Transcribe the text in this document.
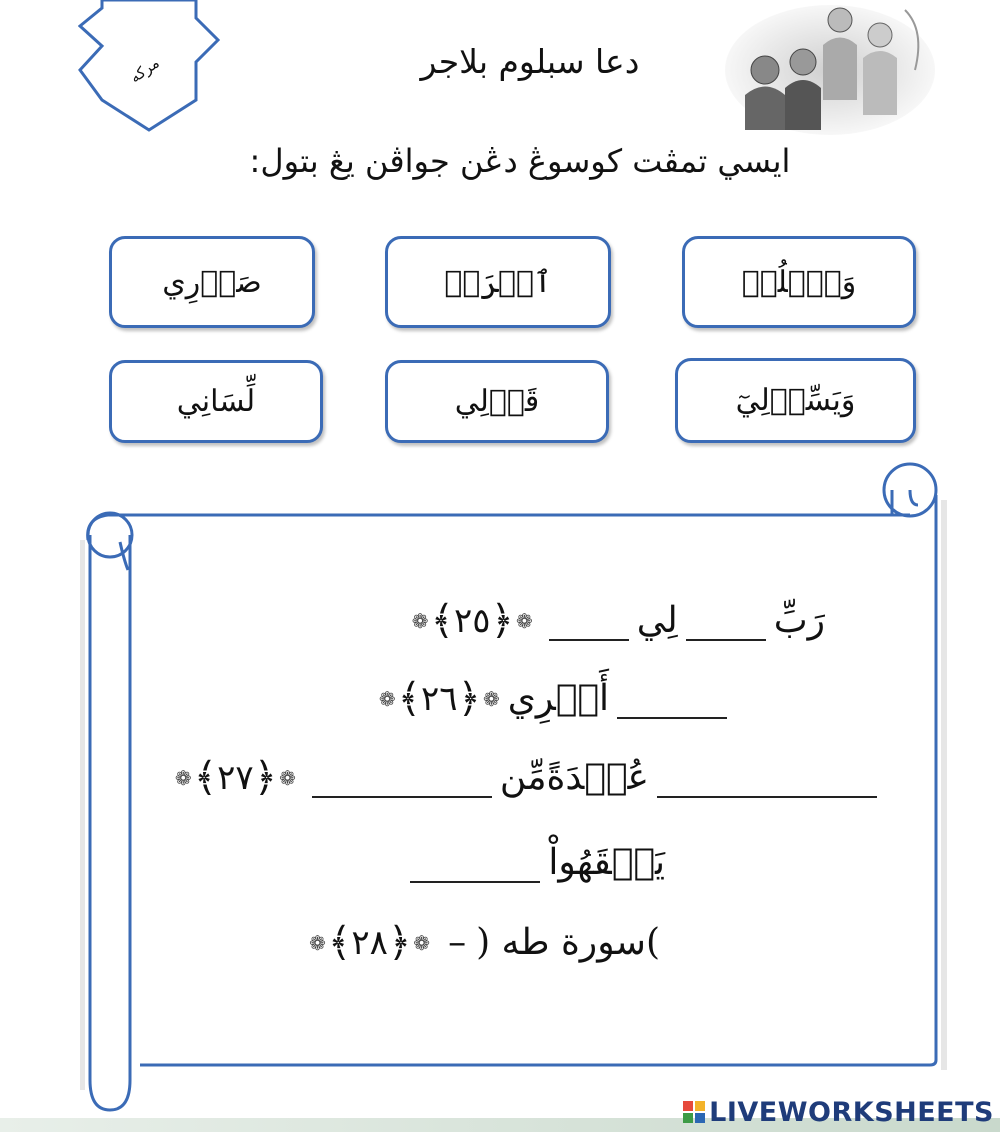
مرکه	دعا سبلوم بلاجر
ايسي تمڤت كوسوڠ دڠن جواڤن يڠ بتول:
وَٱحۡلُلۡ
ٱشۡرَحۡ
صَدۡرِي
وَيَسِّرۡلِيٓ
قَوۡلِي
لِّسَانِي
رَبِّ
لِي
❁
﴿
٢٥
﴾
❁
أَمۡرِي
❁
﴿
٢٦
﴾
❁
عُقۡدَةً
مِّن
❁
﴿
٢٧
﴾
❁
يَفۡقَهُواْ
)سورة طه (
–
❁
﴿
٢٨
﴾
❁
LIVEWORKSHEETS
